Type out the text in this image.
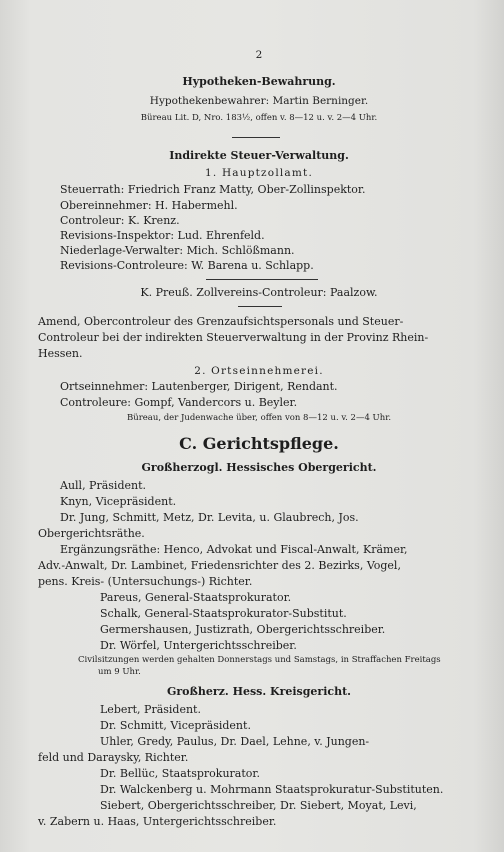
2
Hypotheken-Bewahrung.
Hypothekenbewahrer: Martin Berninger.
Büreau Lit. D, Nro. 183½, offen v. 8—12 u. v. 2—4 Uhr.
Indirekte Steuer-Verwaltung.
1. Hauptzollamt.
Steuerrath: Friedrich Franz Matty, Ober-Zollinspektor.
Obereinnehmer: H. Habermehl.
Controleur: K. Krenz.
Revisions-Inspektor: Lud. Ehrenfeld.
Niederlage-Verwalter: Mich. Schlößmann.
Revisions-Controleure: W. Barena u. Schlapp.
K. Preuß. Zollvereins-Controleur: Paalzow.
Amend, Obercontroleur des Grenzaufsichtspersonals und Steuer-
Controleur bei der indirekten Steuerverwaltung in der Provinz Rhein-
Hessen.
2. Ortseinnehmerei.
Ortseinnehmer: Lautenberger, Dirigent, Rendant.
Controleure: Gompf, Vandercors u. Beyler.
Büreau, der Judenwache über, offen von 8—12 u. v. 2—4 Uhr.
C. Gerichtspflege.
Großherzogl. Hessisches Obergericht.
Aull, Präsident.
Knyn, Vicepräsident.
Dr. Jung, Schmitt, Metz, Dr. Levita, u. Glaubrech, Jos.
Obergerichtsräthe.
Ergänzungsräthe: Henco, Advokat und Fiscal-Anwalt, Krämer,
Adv.-Anwalt, Dr. Lambinet, Friedensrichter des 2. Bezirks, Vogel,
pens. Kreis- (Untersuchungs-) Richter.
Pareus, General-Staatsprokurator.
Schalk, General-Staatsprokurator-Substitut.
Germershausen, Justizrath, Obergerichtsschreiber.
Dr. Wörfel, Untergerichtsschreiber.
Civilsitzungen werden gehalten Donnerstags und Samstags, in Straffachen Freitags
um 9 Uhr.
Großherz. Hess. Kreisgericht.
Lebert, Präsident.
Dr. Schmitt, Vicepräsident.
Uhler, Gredy, Paulus, Dr. Dael, Lehne, v. Jungen-
feld und Daraysky, Richter.
Dr. Bellüc, Staatsprokurator.
Dr. Walckenberg u. Mohrmann Staatsprokuratur-Substituten.
Siebert, Obergerichtsschreiber, Dr. Siebert, Moyat, Levi,
v. Zabern u. Haas, Untergerichtsschreiber.
